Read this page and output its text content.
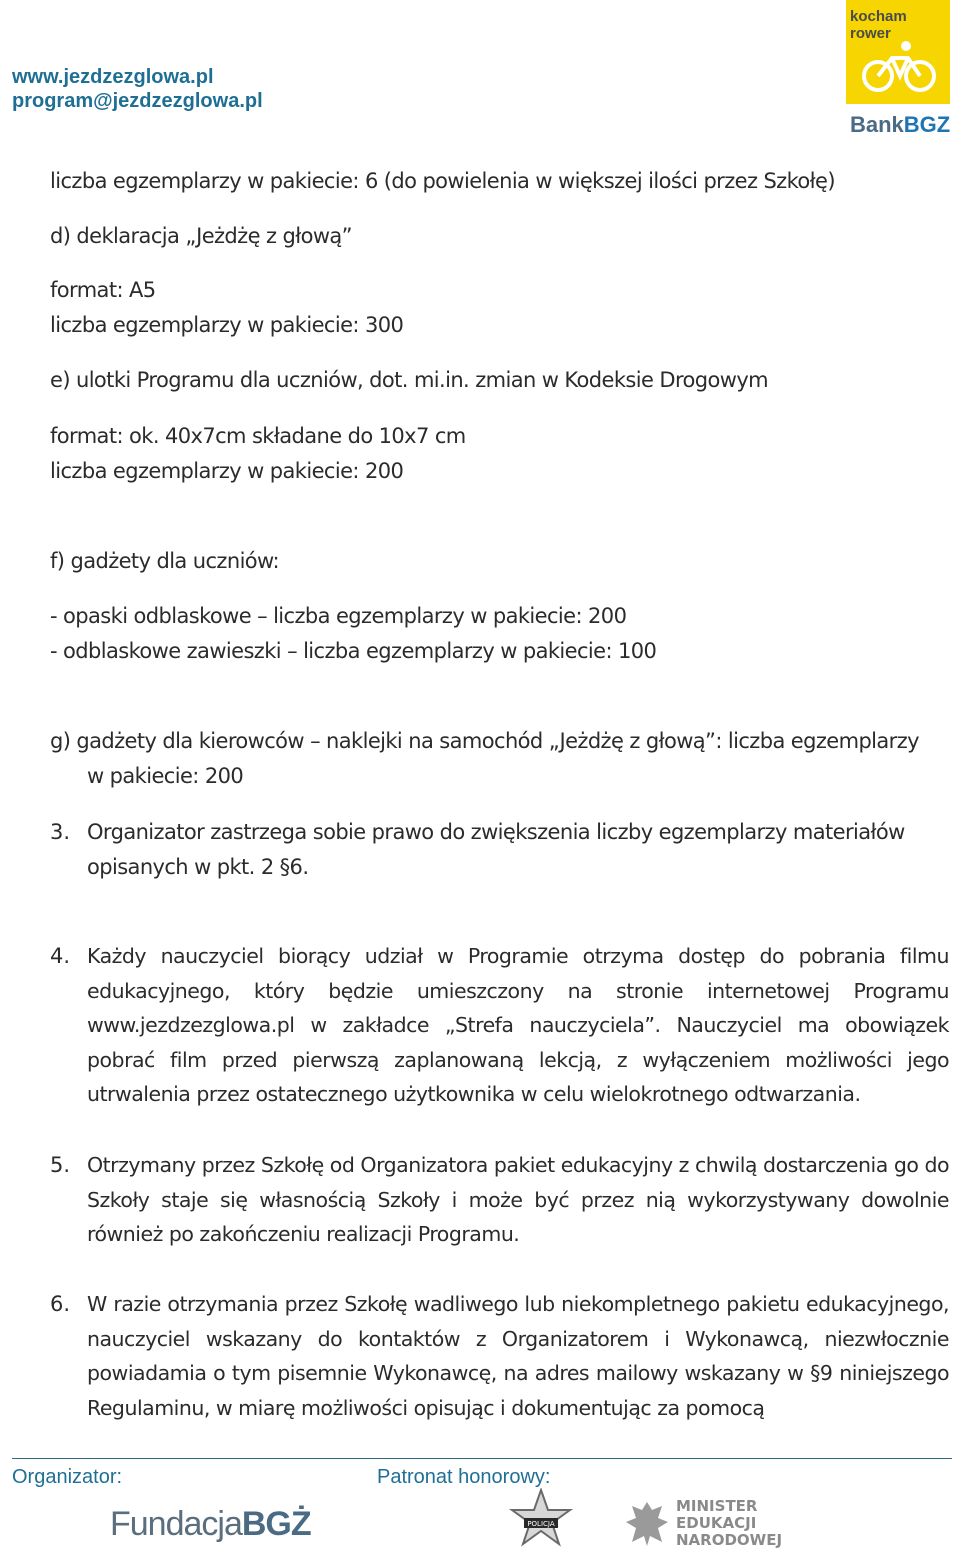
www.jezdzezglowa.pl
program@jezdzezglowa.pl
kocham rower
BankBGZ
liczba egzemplarzy w pakiecie: 6 (do powielenia w większej ilości przez Szkołę)
d) deklaracja „Jeżdżę z głową”
format: A5
liczba egzemplarzy w pakiecie: 300
e) ulotki Programu dla uczniów, dot. mi.in. zmian w Kodeksie Drogowym
format: ok. 40x7cm składane do 10x7 cm
liczba egzemplarzy w pakiecie: 200
f) gadżety dla uczniów:
- opaski odblaskowe – liczba egzemplarzy w pakiecie: 200
- odblaskowe zawieszki – liczba egzemplarzy w pakiecie: 100
g) gadżety dla kierowców – naklejki na samochód „Jeżdżę z głową”: liczba egzemplarzy
w pakiecie: 200
3. Organizator zastrzega sobie prawo do zwiększenia liczby egzemplarzy materiałów
opisanych w pkt. 2 §6.
4. Każdy nauczyciel biorący udział w Programie otrzyma dostęp do pobrania filmu edukacyjnego, który będzie umieszczony na stronie internetowej Programu www.jezdzezglowa.pl w zakładce „Strefa nauczyciela”. Nauczyciel ma obowiązek pobrać film przed pierwszą zaplanowaną lekcją, z wyłączeniem możliwości jego utrwalenia przez ostatecznego użytkownika w celu wielokrotnego odtwarzania.

5. Otrzymany przez Szkołę od Organizatora pakiet edukacyjny z chwilą dostarczenia go do Szkoły staje się własnością Szkoły i może być przez nią wykorzystywany dowolnie również po zakończeniu realizacji Programu.

6. W razie otrzymania przez Szkołę wadliwego lub niekompletnego pakietu edukacyjnego, nauczyciel wskazany do kontaktów z Organizatorem i Wykonawcą, niezwłocznie powiadamia o tym pisemnie Wykonawcę, na adres mailowy wskazany w §9 niniejszego Regulaminu, w miarę możliwości opisując i dokumentując za pomocą

Organizator:	Patronat honorowy:
FundacjaBGŻ	POLICJA
MINISTER
EDUKACJI
NARODOWEJ
